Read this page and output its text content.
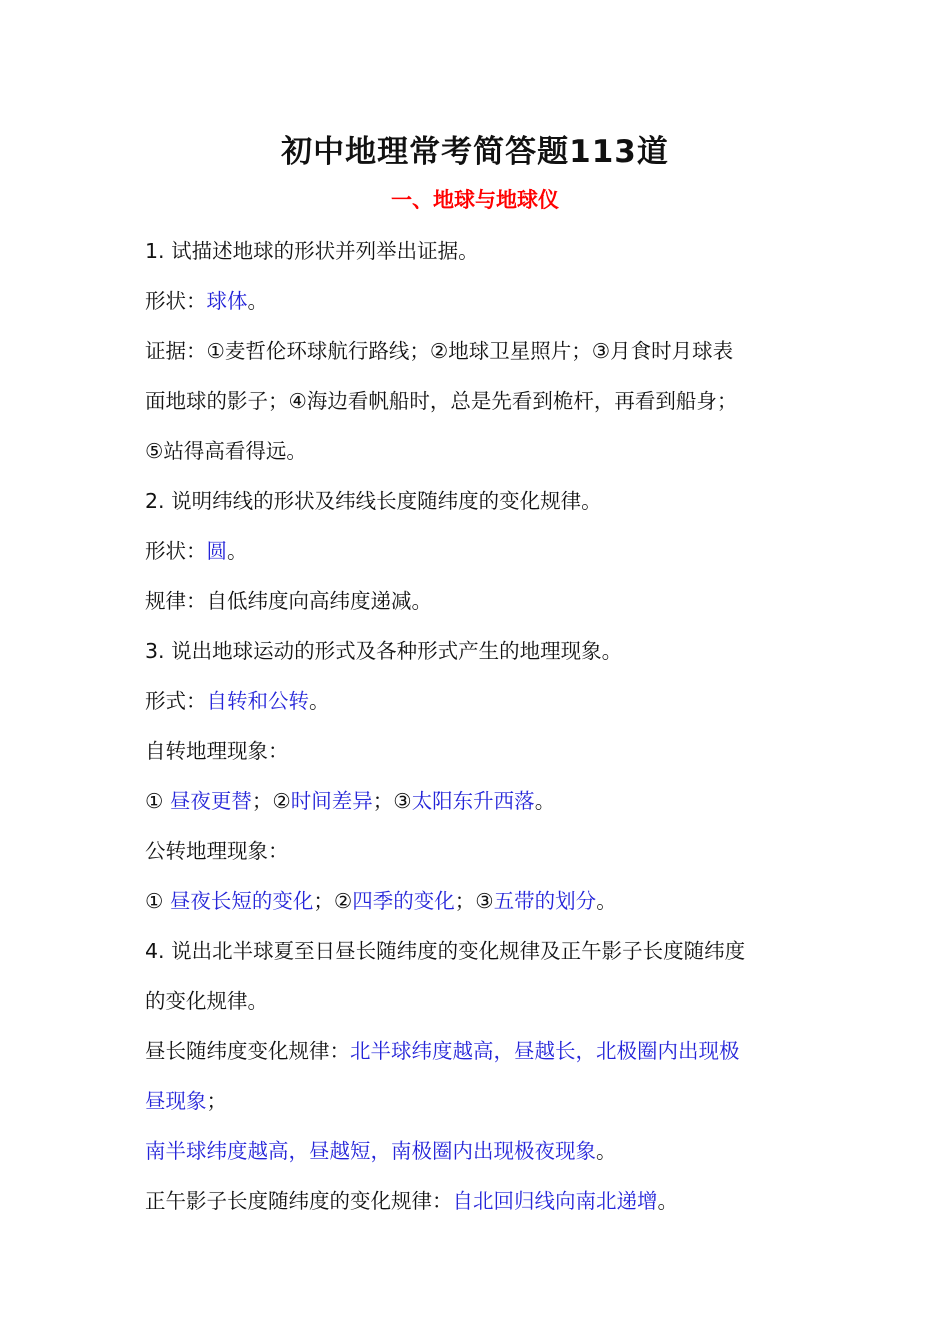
初中地理常考简答题113道
一、地球与地球仪
1. 试描述地球的形状并列举出证据。
形状：球体。
证据：①麦哲伦环球航行路线；②地球卫星照片；③月食时月球表
面地球的影子；④海边看帆船时，总是先看到桅杆，再看到船身；
⑤站得高看得远。
2. 说明纬线的形状及纬线长度随纬度的变化规律。
形状：圆。
规律：自低纬度向高纬度递减。
3. 说出地球运动的形式及各种形式产生的地理现象。
形式：自转和公转。
自转地理现象：
① 昼夜更替；②时间差异；③太阳东升西落。
公转地理现象：
① 昼夜长短的变化；②四季的变化；③五带的划分。
4. 说出北半球夏至日昼长随纬度的变化规律及正午影子长度随纬度
的变化规律。
昼长随纬度变化规律：北半球纬度越高，昼越长，北极圈内出现极
昼现象；
南半球纬度越高，昼越短，南极圈内出现极夜现象。
正午影子长度随纬度的变化规律：自北回归线向南北递增。
